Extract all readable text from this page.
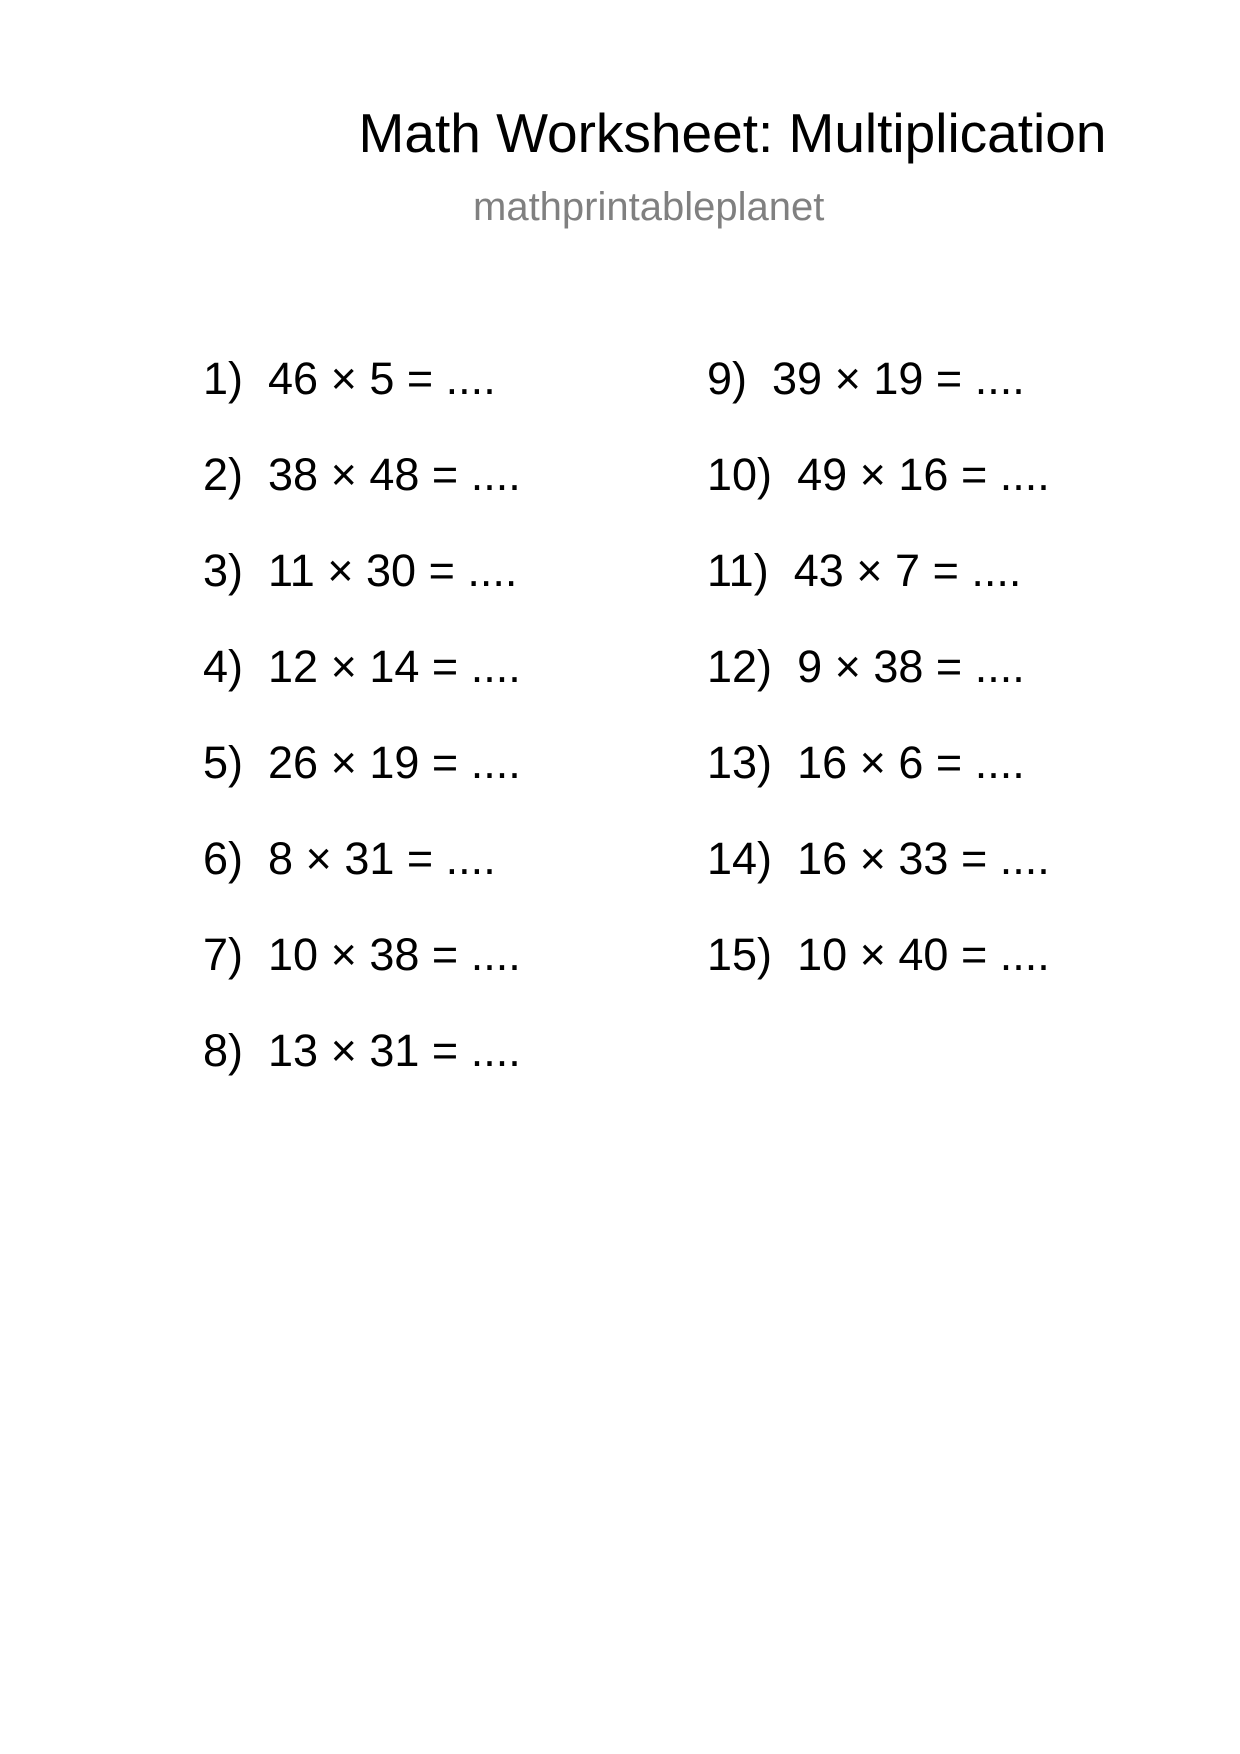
Math Worksheet: Multiplication
mathprintableplanet
1) 46 × 5 = ....
2) 38 × 48 = ....
3) 11 × 30 = ....
4) 12 × 14 = ....
5) 26 × 19 = ....
6) 8 × 31 = ....
7) 10 × 38 = ....
8) 13 × 31 = ....
9) 39 × 19 = ....
10) 49 × 16 = ....
11) 43 × 7 = ....
12) 9 × 38 = ....
13) 16 × 6 = ....
14) 16 × 33 = ....
15) 10 × 40 = ....
